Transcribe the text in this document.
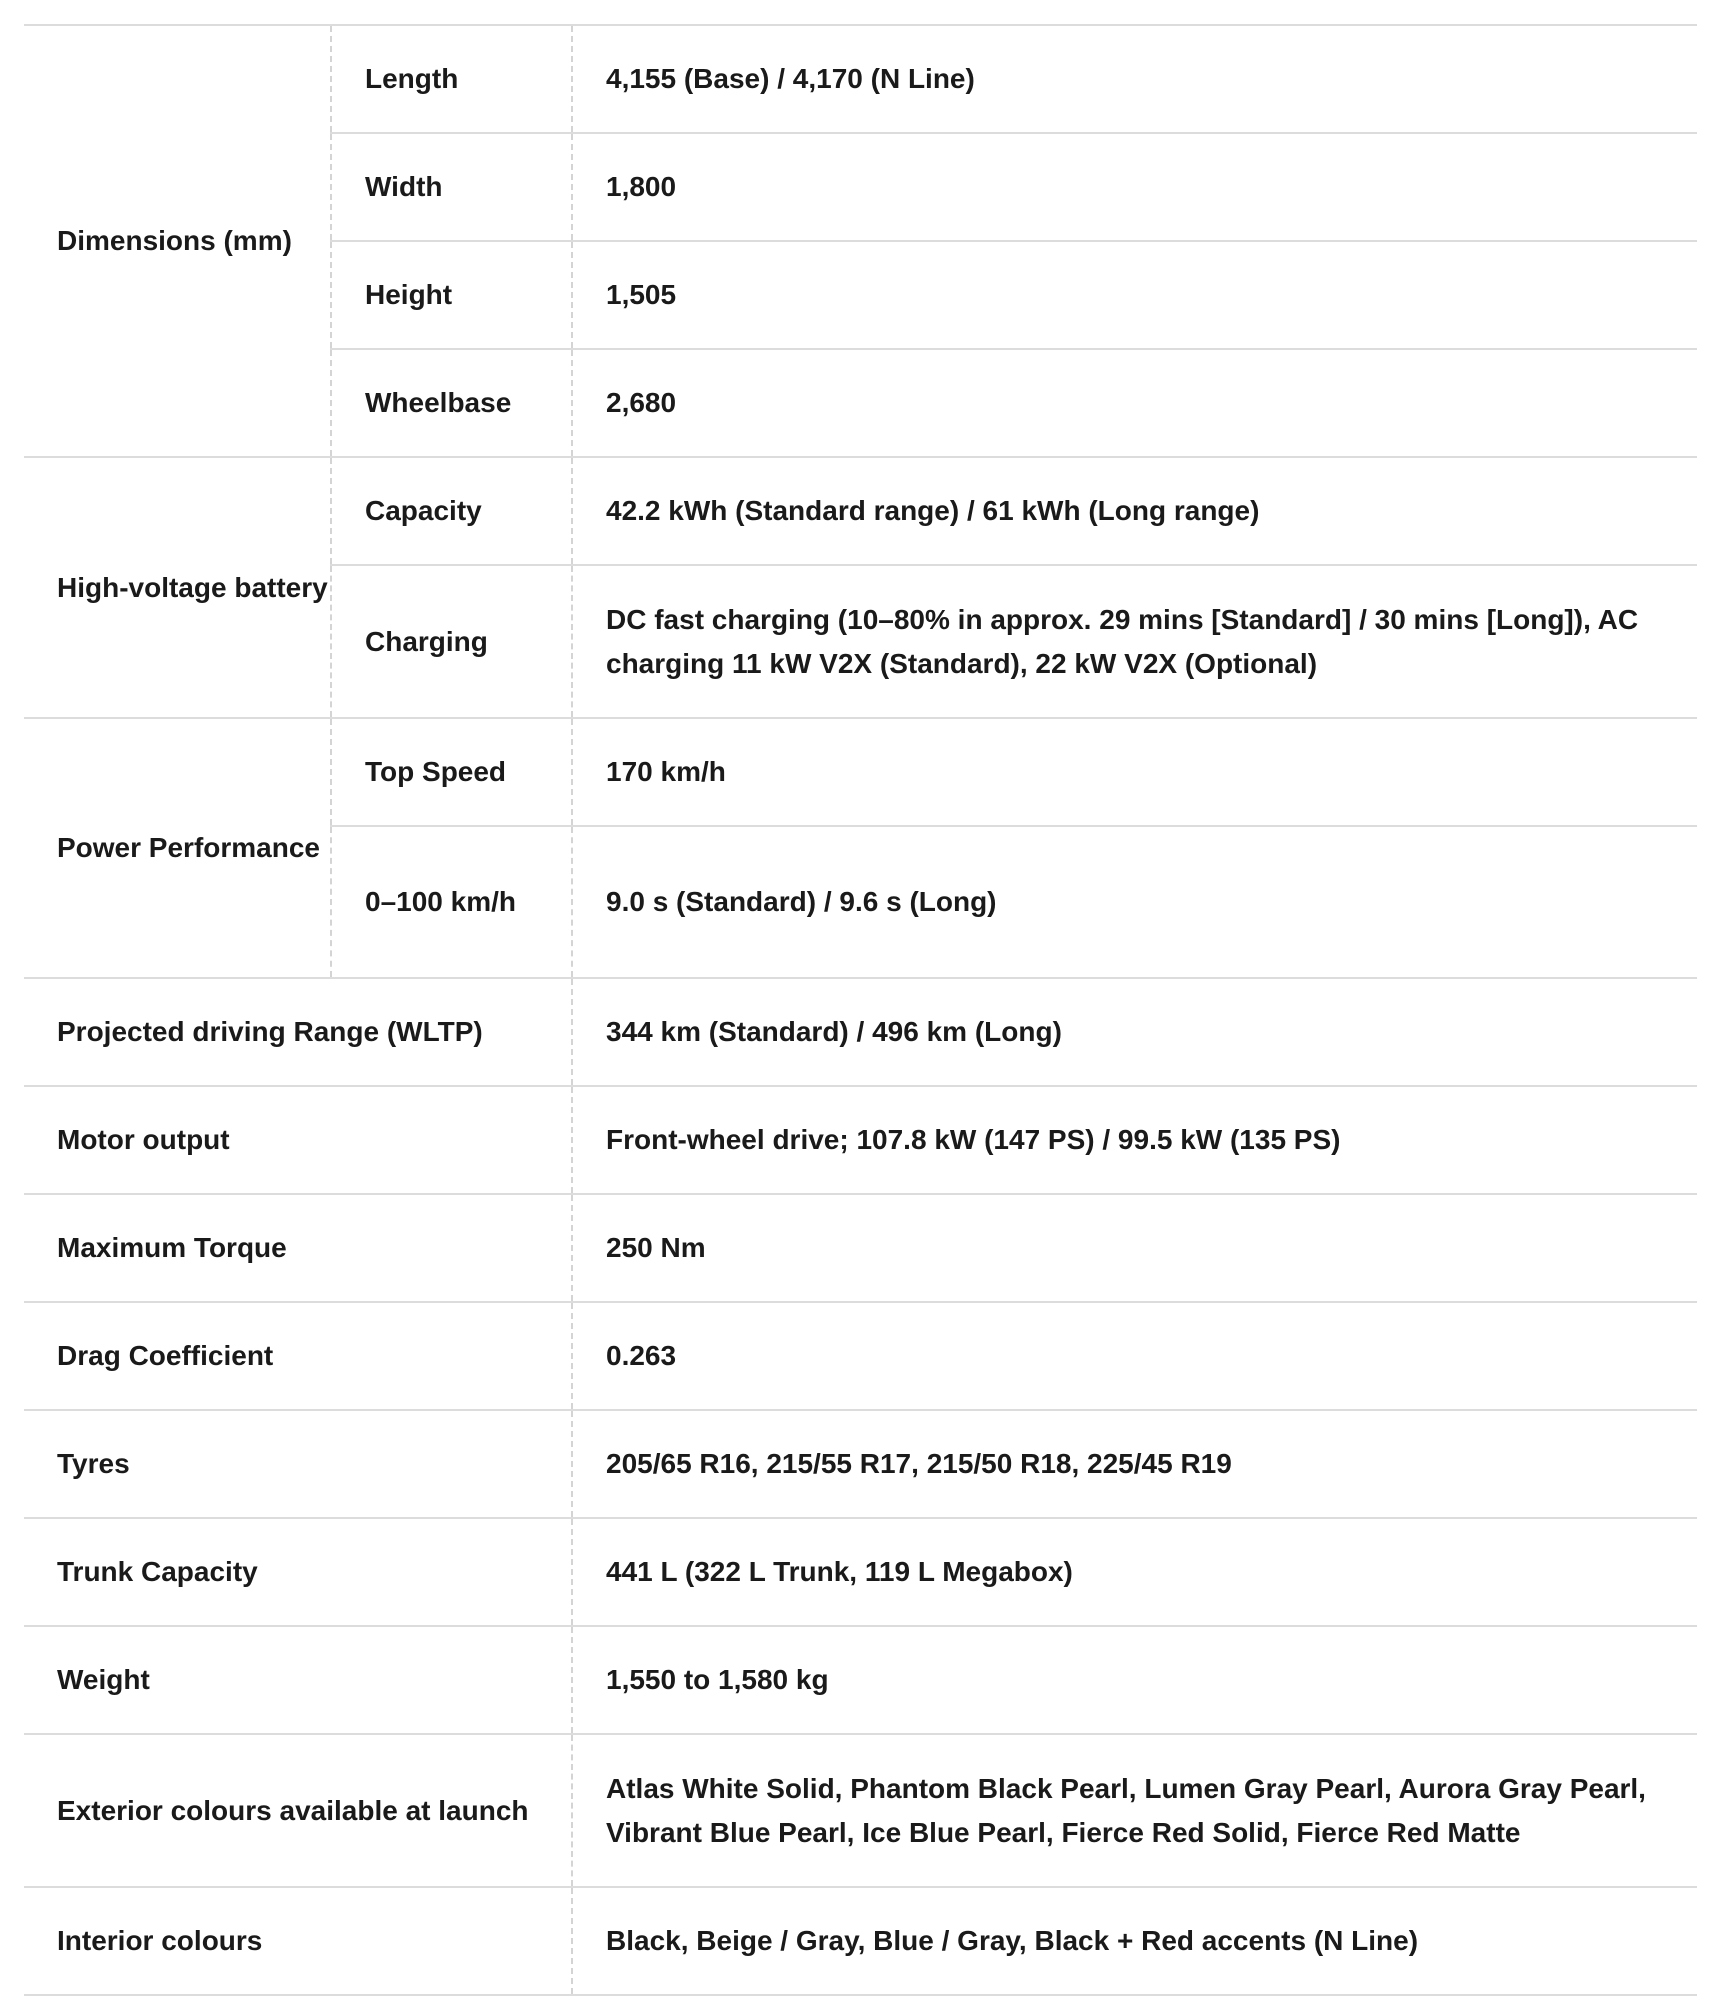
Dimensions (mm)	Length	4,155 (Base) / 4,170 (N Line)
	Width	1,800
	Height	1,505
	Wheelbase	2,680
High-voltage battery	Capacity	42.2 kWh (Standard range) / 61 kWh (Long range)
	Charging	DC fast charging (10–80% in approx. 29 mins [Standard] / 30 mins [Long]), AC charging 11 kW V2X (Standard), 22 kW V2X (Optional)
Power Performance	Top Speed	170 km/h
	0–100 km/h	9.0 s (Standard) / 9.6 s (Long)
Projected driving Range (WLTP)		344 km (Standard) / 496 km (Long)
Motor output		Front-wheel drive; 107.8 kW (147 PS) / 99.5 kW (135 PS)
Maximum Torque		250 Nm
Drag Coefficient		0.263
Tyres		205/65 R16, 215/55 R17, 215/50 R18, 225/45 R19
Trunk Capacity		441 L (322 L Trunk, 119 L Megabox)
Weight		1,550 to 1,580 kg
Exterior colours available at launch		Atlas White Solid, Phantom Black Pearl, Lumen Gray Pearl, Aurora Gray Pearl, Vibrant Blue Pearl, Ice Blue Pearl, Fierce Red Solid, Fierce Red Matte
Interior colours		Black, Beige / Gray, Blue / Gray, Black + Red accents (N Line)
